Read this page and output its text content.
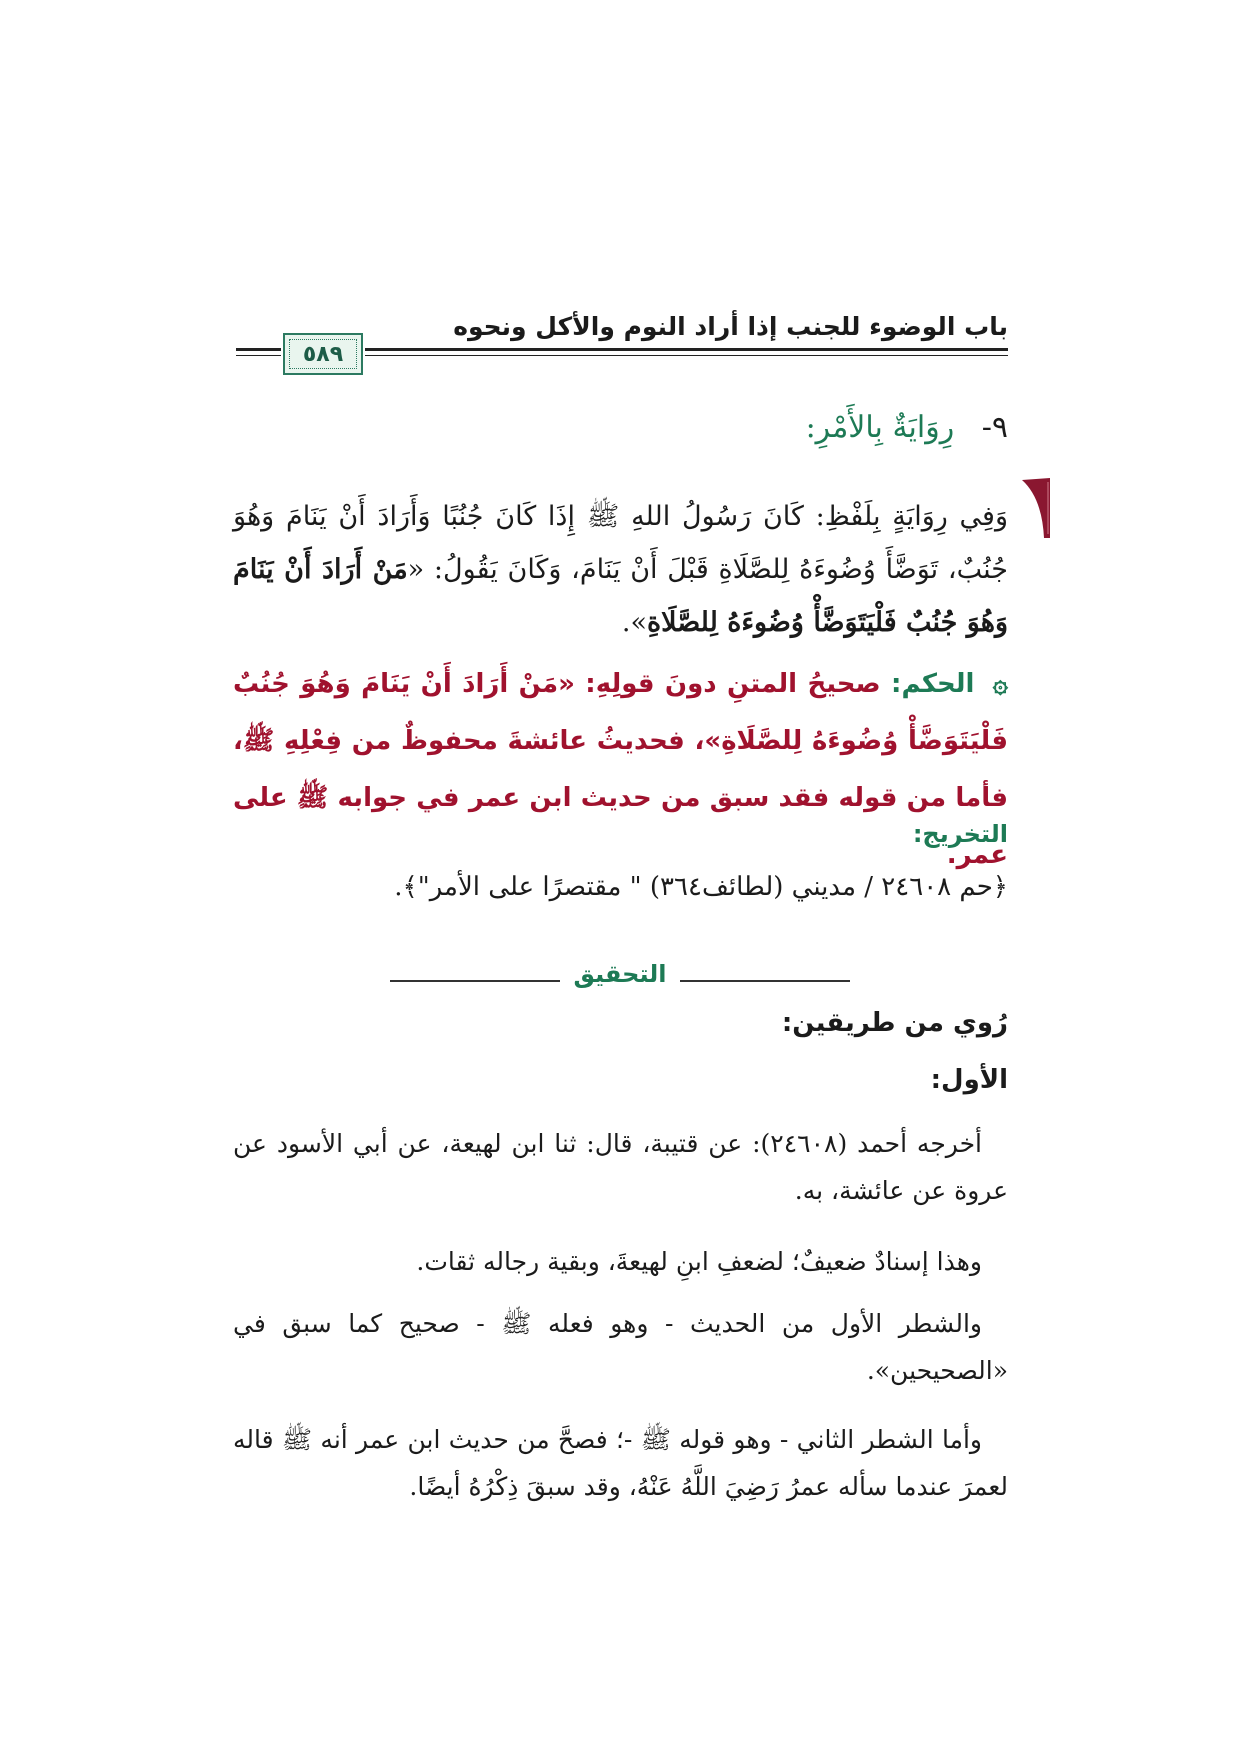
باب الوضوء للجنب إذا أراد النوم والأكل ونحوه
٥٨٩
٩- رِوَايَةٌ بِالأَمْرِ:
وَفِي رِوَايَةٍ بِلَفْظِ: كَانَ رَسُولُ اللهِ ﷺ إِذَا كَانَ جُنُبًا وَأَرَادَ أَنْ يَنَامَ وَهُوَ جُنُبٌ، تَوَضَّأَ وُضُوءَهُ لِلصَّلَاةِ قَبْلَ أَنْ يَنَامَ، وَكَانَ يَقُولُ: «مَنْ أَرَادَ أَنْ يَنَامَ وَهُوَ جُنُبٌ فَلْيَتَوَضَّأْ وُضُوءَهُ لِلصَّلَاةِ».
۞ الحكم: صحيحُ المتنِ دونَ قولِهِ: «مَنْ أَرَادَ أَنْ يَنَامَ وَهُوَ جُنُبٌ فَلْيَتَوَضَّأْ وُضُوءَهُ لِلصَّلَاةِ»، فحديثُ عائشةَ محفوظٌ من فِعْلِهِ ﷺ، فأما من قوله فقد سبق من حديث ابن عمر في جوابه ﷺ على عمر.
التخريج:
﴿حم ٢٤٦٠٨ / مديني (لطائف٣٦٤) " مقتصرًا على الأمر"﴾.
التحقيق
رُوي من طريقين:
الأول:
أخرجه أحمد (٢٤٦٠٨): عن قتيبة، قال: ثنا ابن لهيعة، عن أبي الأسود عن عروة عن عائشة، به.
وهذا إسنادٌ ضعيفٌ؛ لضعفِ ابنِ لهيعةَ، وبقية رجاله ثقات.
والشطر الأول من الحديث - وهو فعله ﷺ - صحيح كما سبق في «الصحيحين».
وأما الشطر الثاني - وهو قوله ﷺ -؛ فصحَّ من حديث ابن عمر أنه ﷺ قاله لعمرَ عندما سأله عمرُ رَضِيَ اللَّهُ عَنْهُ، وقد سبقَ ذِكْرُهُ أيضًا.
